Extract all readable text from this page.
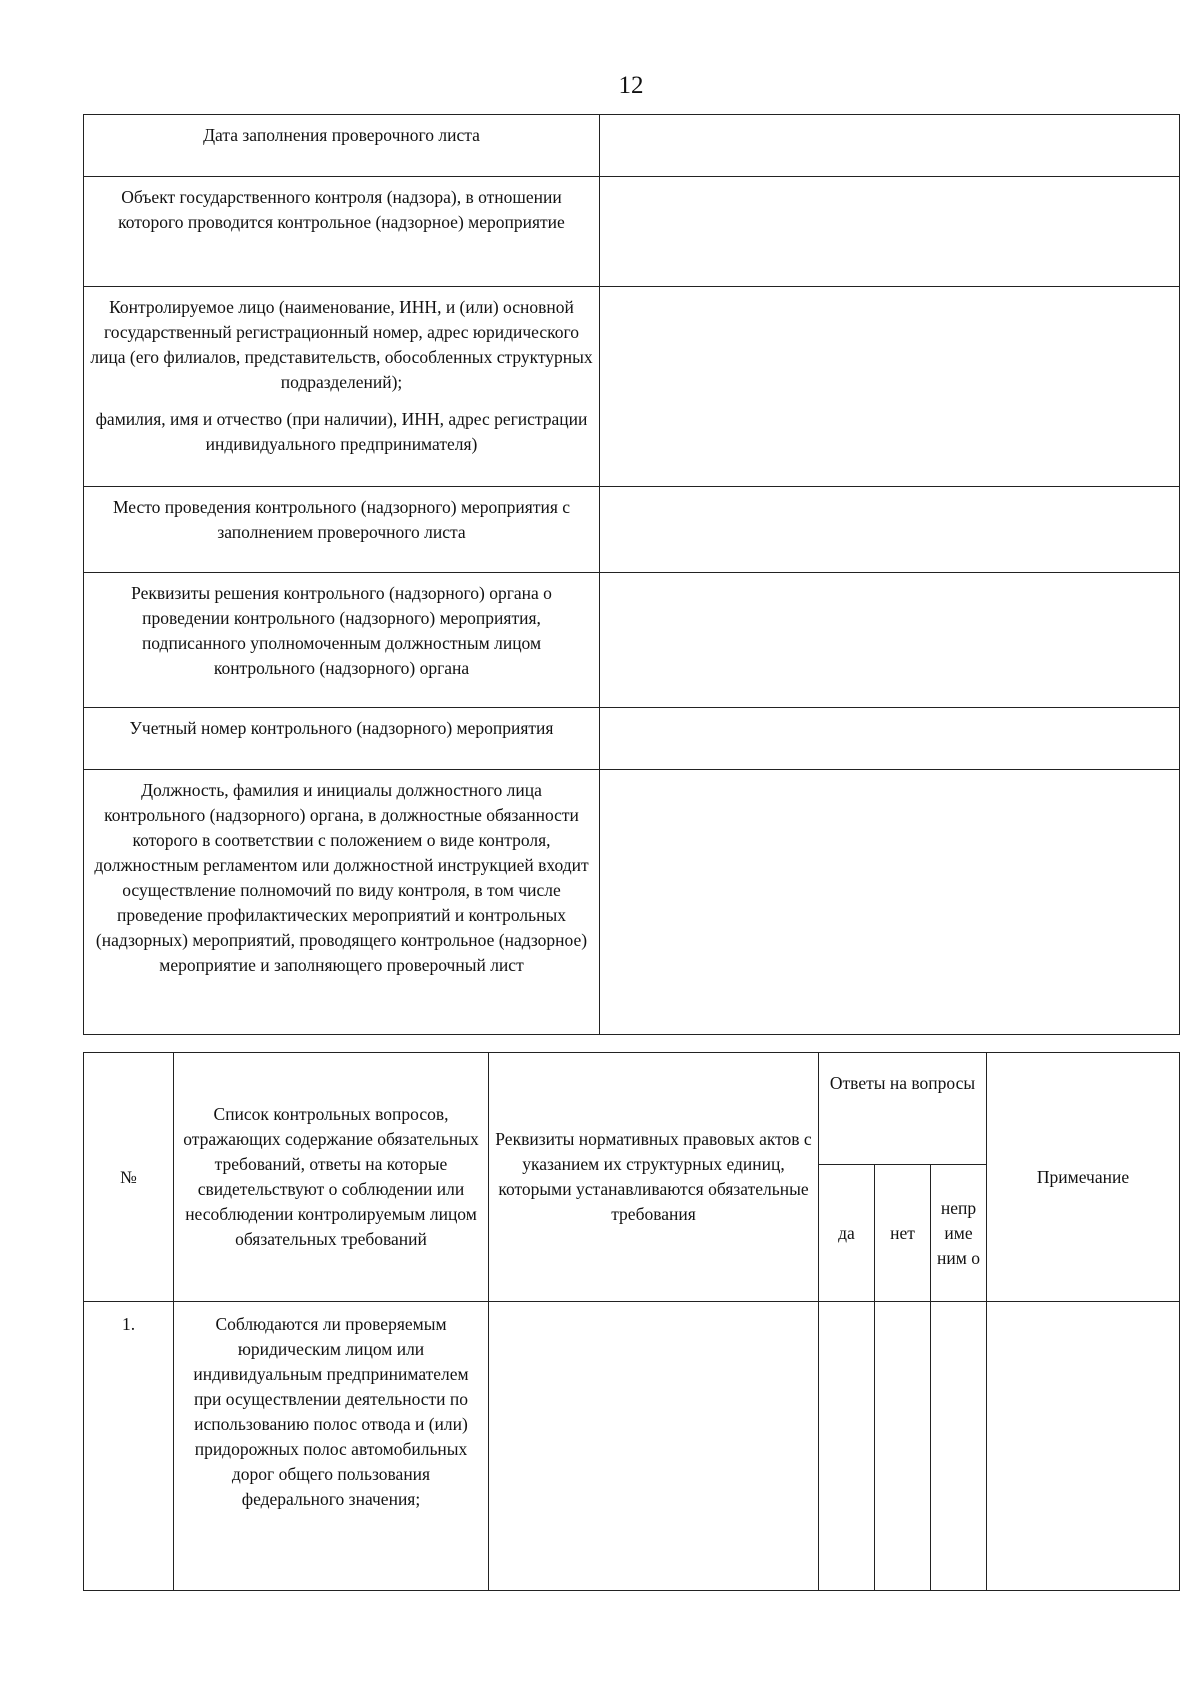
12

Дата заполнения проверочного листа	

Объект государственного контроля (надзора), в отношении которого проводится контрольное (надзорное) мероприятие	

Контролируемое лицо (наименование, ИНН, и (или) основной государственный регистрационный номер, адрес юридического лица (его филиалов, представительств, обособленных структурных подразделений);

фамилия, имя и отчество (при наличии), ИНН, адрес регистрации индивидуального предпринимателя)	

Место проведения контрольного (надзорного) мероприятия с заполнением проверочного листа	

Реквизиты решения контрольного (надзорного) органа о проведении контрольного (надзорного) мероприятия, подписанного уполномоченным должностным лицом контрольного (надзорного) органа	

Учетный номер контрольного (надзорного) мероприятия	

Должность, фамилия и инициалы должностного лица контрольного (надзорного) органа, в должностные обязанности которого в соответствии с положением о виде контроля, должностным регламентом или должностной инструкцией входит осуществление полномочий по виду контроля, в том числе проведение профилактических мероприятий и контрольных (надзорных) мероприятий, проводящего контрольное (надзорное) мероприятие и заполняющего проверочный лист	

№	Список контрольных вопросов, отражающих содержание обязательных требований, ответы на которые свидетельствуют о соблюдении или несоблюдении контролируемым лицом обязательных требований	Реквизиты нормативных правовых актов с указанием их структурных единиц, которыми устанавливаются обязательные требования	Ответы на вопросы			Примечание
			да	нет	непр име ним о	
1.	Соблюдаются ли проверяемым юридическим лицом или индивидуальным предпринимателем при осуществлении деятельности по использованию полос отвода и (или) придорожных полос автомобильных дорог общего пользования федерального значения;					
